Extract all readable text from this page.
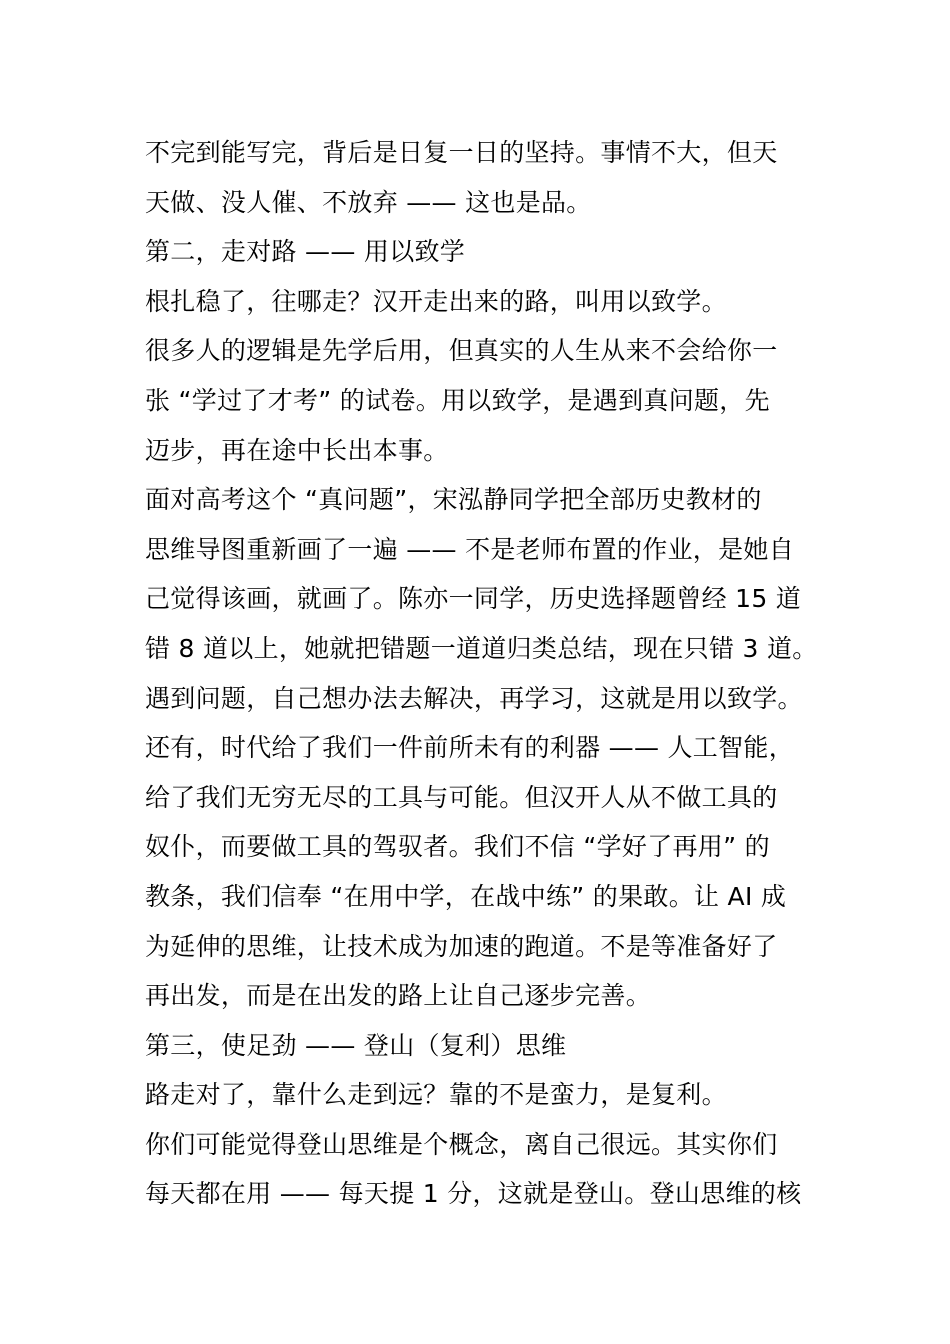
不完到能写完，背后是日复一日的坚持。事情不大，但天
天做、没人催、不放弃 —— 这也是品。
第二，走对路 —— 用以致学
根扎稳了，往哪走？汉开走出来的路，叫用以致学。
很多人的逻辑是先学后用，但真实的人生从来不会给你一
张 “学过了才考” 的试卷。用以致学，是遇到真问题，先
迈步，再在途中长出本事。
面对高考这个 “真问题”，宋泓静同学把全部历史教材的
思维导图重新画了一遍 —— 不是老师布置的作业，是她自
己觉得该画，就画了。陈亦一同学，历史选择题曾经 15 道
错 8 道以上，她就把错题一道道归类总结，现在只错 3 道。
遇到问题，自己想办法去解决，再学习，这就是用以致学。
还有，时代给了我们一件前所未有的利器 —— 人工智能，
给了我们无穷无尽的工具与可能。但汉开人从不做工具的
奴仆，而要做工具的驾驭者。我们不信 “学好了再用” 的
教条，我们信奉 “在用中学，在战中练” 的果敢。让 AI 成
为延伸的思维，让技术成为加速的跑道。不是等准备好了
再出发，而是在出发的路上让自己逐步完善。
第三，使足劲 —— 登山（复利）思维
路走对了，靠什么走到远？靠的不是蛮力，是复利。
你们可能觉得登山思维是个概念，离自己很远。其实你们
每天都在用 —— 每天提 1 分，这就是登山。登山思维的核
